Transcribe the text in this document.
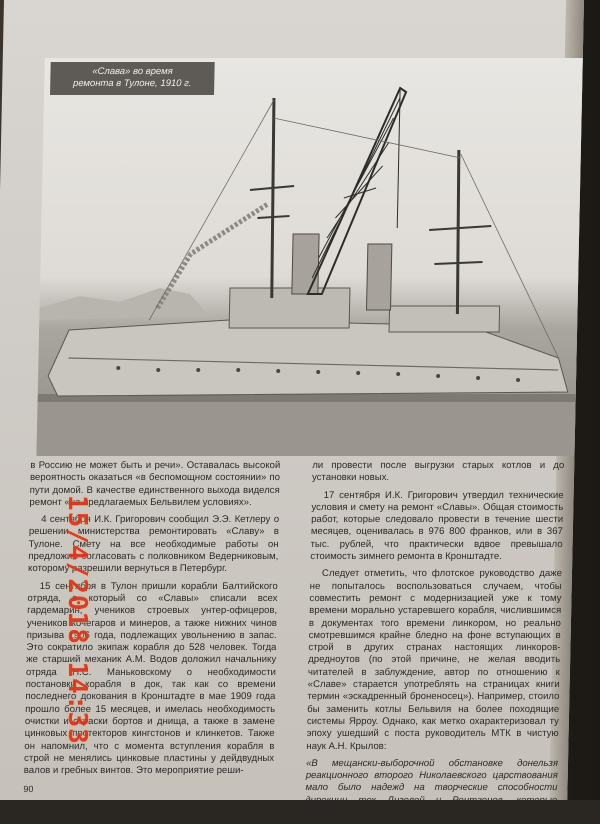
«Слава» во время
ремонта в Тулоне, 1910 г.

в Россию не может быть и речи». Оставалась высокой вероятность оказаться «в беспомощном состоянии» по пути домой. В качестве единственного выхода виделся ремонт «на предлагаемых Бельвилем условиях».

4 сентября И.К. Григорович сообщил Э.Э. Кетлеру о решении министерства ремонтировать «Славу» в Тулоне. Смету на все необходимые работы он предложил согласовать с полковником Ведерниковым, которому разрешили вернуться в Петербург.

15 сентября в Тулон пришли корабли Балтийского отряда, в который со «Славы» списали всех гардемарин, учеников строевых унтер-офицеров, учеников кочегаров и минеров, а также нижних чинов призыва 1906 года, подлежащих увольнению в запас. Это сократило экипаж корабля до 528 человек. Тогда же старший механик А.М. Водов доложил начальнику отряда Н.С. Маньковскому о необходимости постановки корабля в док, так как со времени последнего докования в Кронштадте в мае 1909 года прошло более 15 месяцев, и имелась необходимость очистки и окраски бортов и днища, а также в замене цинковых протекторов кингстонов и клинкетов. Также он напомнил, что с момента вступления корабля в строй не менялись цинковые пластины у дейдвудных валов и гребных винтов. Это мероприятие реши-

ли провести после выгрузки старых котлов и до установки новых.

17 сентября И.К. Григорович утвердил технические условия и смету на ремонт «Славы». Общая стоимость работ, которые следовало провести в течение шести месяцев, оценивалась в 976 800 франков, или в 367 тыс. рублей, что практически вдвое превышало стоимость зимнего ремонта в Кронштадте.

Следует отметить, что флотское руководство даже не попыталось воспользоваться случаем, чтобы совместить ремонт с модернизацией уже к тому времени морально устаревшего корабля, числившимся в документах того времени линкором, но реально смотревшимся крайне бледно на фоне вступающих в строй в других странах настоящих линкоров-дредноутов (по этой причине, не желая вводить читателей в заблуждение, автор по отношению к «Славе» старается употреблять на страницах книги термин «эскадренный броненосец»). Например, стоило бы заменить котлы Бельвиля на более походящие системы Ярроу. Однако, как метко охарактеризовал ту эпоху ушедший с поста руководитель МТК в чистую наук А.Н. Крылов:

«В мещански-выборочной обстановке донельзя реакционного второго Николаевского царствования мало было надежд на творческие способности дирекции тех Дизелей и Рентгенов, которые двигают впе-

90
15/4/2018 14:33
